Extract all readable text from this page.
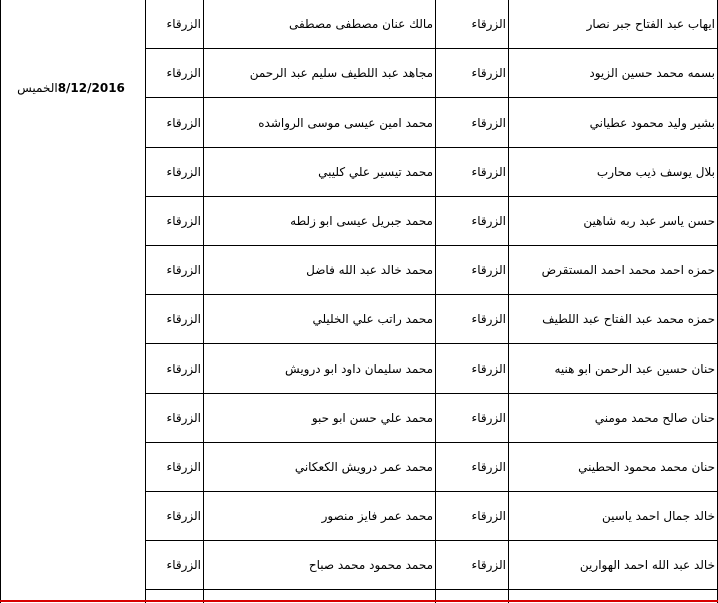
ايهاب عبد الفتاح جبر نصار
الزرقاء
مالك عنان مصطفى مصطفى
الزرقاء
بسمه محمد حسين الزيود
الزرقاء
مجاهد عبد اللطيف سليم عبد الرحمن
الزرقاء
بشير وليد محمود عطياني
الزرقاء
محمد امين عيسى موسى الرواشده
الزرقاء
بلال يوسف ذيب محارب
الزرقاء
محمد تيسير علي كليبي
الزرقاء
حسن ياسر عبد ربه شاهين
الزرقاء
محمد جبريل عيسى ابو زلطه
الزرقاء
حمزه احمد محمد احمد المستقرض
الزرقاء
محمد خالد عبد الله فاضل
الزرقاء
حمزه محمد عبد الفتاح عبد اللطيف
الزرقاء
محمد راتب علي الخليلي
الزرقاء
حنان حسين عبد الرحمن ابو هنيه
الزرقاء
محمد سليمان داود ابو درويش
الزرقاء
حنان صالح محمد مومني
الزرقاء
محمد علي حسن ابو حبو
الزرقاء
حنان محمد محمود الحطيني
الزرقاء
محمد عمر درويش الكعكاني
الزرقاء
خالد جمال احمد ياسين
الزرقاء
محمد عمر فايز منصور
الزرقاء
خالد عبد الله احمد الهوارين
الزرقاء
محمد محمود محمد صباح
الزرقاء
الخميس 8/12/2016
